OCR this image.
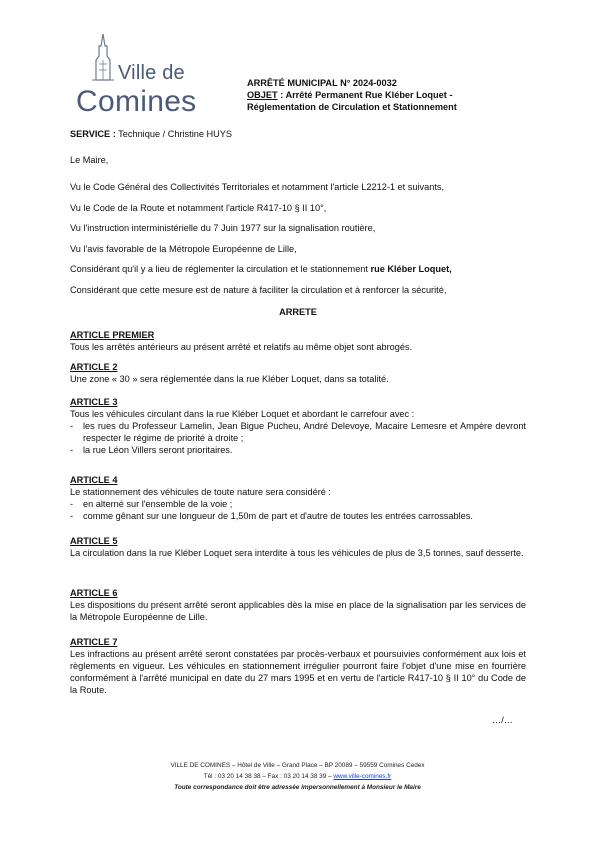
Ville de
Comines
ARRÊTÉ MUNICIPAL N° 2024-0032
OBJET : Arrêté Permanent Rue Kléber Loquet -
Réglementation de Circulation et Stationnement
SERVICE : Technique / Christine HUYS
Le Maire,
Vu le Code Général des Collectivités Territoriales et notamment l'article L2212-1 et suivants,
Vu le Code de la Route et notamment l'article R417-10 § II 10°,
Vu l'instruction interministérielle du 7 Juin 1977 sur la signalisation routière,
Vu l'avis favorable de la Métropole Européenne de Lille,
Considérant qu'il y a lieu de réglementer la circulation et le stationnement rue Kléber Loquet,
Considérant que cette mesure est de nature à faciliter la circulation et à renforcer la sécurité,
ARRETE
ARTICLE PREMIER
Tous les arrêtés antérieurs au présent arrêté et relatifs au même objet sont abrogés.
ARTICLE 2
Une zone « 30 » sera réglementée dans la rue Kléber Loquet, dans sa totalité.
ARTICLE 3
Tous les véhicules circulant dans la rue Kléber Loquet et abordant le carrefour avec :
- les rues du Professeur Lamelin, Jean Bigue Pucheu, André Delevoye, Macaire Lemesre et Ampère devront respecter le régime de priorité à droite ;
- la rue Léon Villers seront prioritaires.
ARTICLE 4
Le stationnement des véhicules de toute nature sera considéré :
- en alterné sur l'ensemble de la voie ;
- comme gênant sur une longueur de 1,50m de part et d'autre de toutes les entrées carrossables.
ARTICLE 5
La circulation dans la rue Kléber Loquet sera interdite à tous les véhicules de plus de 3,5 tonnes, sauf desserte.
ARTICLE 6
Les dispositions du présent arrêté seront applicables dès la mise en place de la signalisation par les services de la Métropole Européenne de Lille.
ARTICLE 7
Les infractions au présent arrêté seront constatées par procès-verbaux et poursuivies conformément aux lois et règlements en vigueur. Les véhicules en stationnement irrégulier pourront faire l'objet d'une mise en fourrière conformément à l'arrêté municipal en date du 27 mars 1995 et en vertu de l'article R417-10 § II 10° du Code de la Route.
…/…
VILLE DE COMINES – Hôtel de Ville – Grand Place – BP 20089 – 59559 Comines Cedex
Tél : 03 20 14 38 38 – Fax : 03 20 14 38 39 – www.ville-comines.fr
Toute correspondance doit être adressée impersonnellement à Monsieur le Maire
